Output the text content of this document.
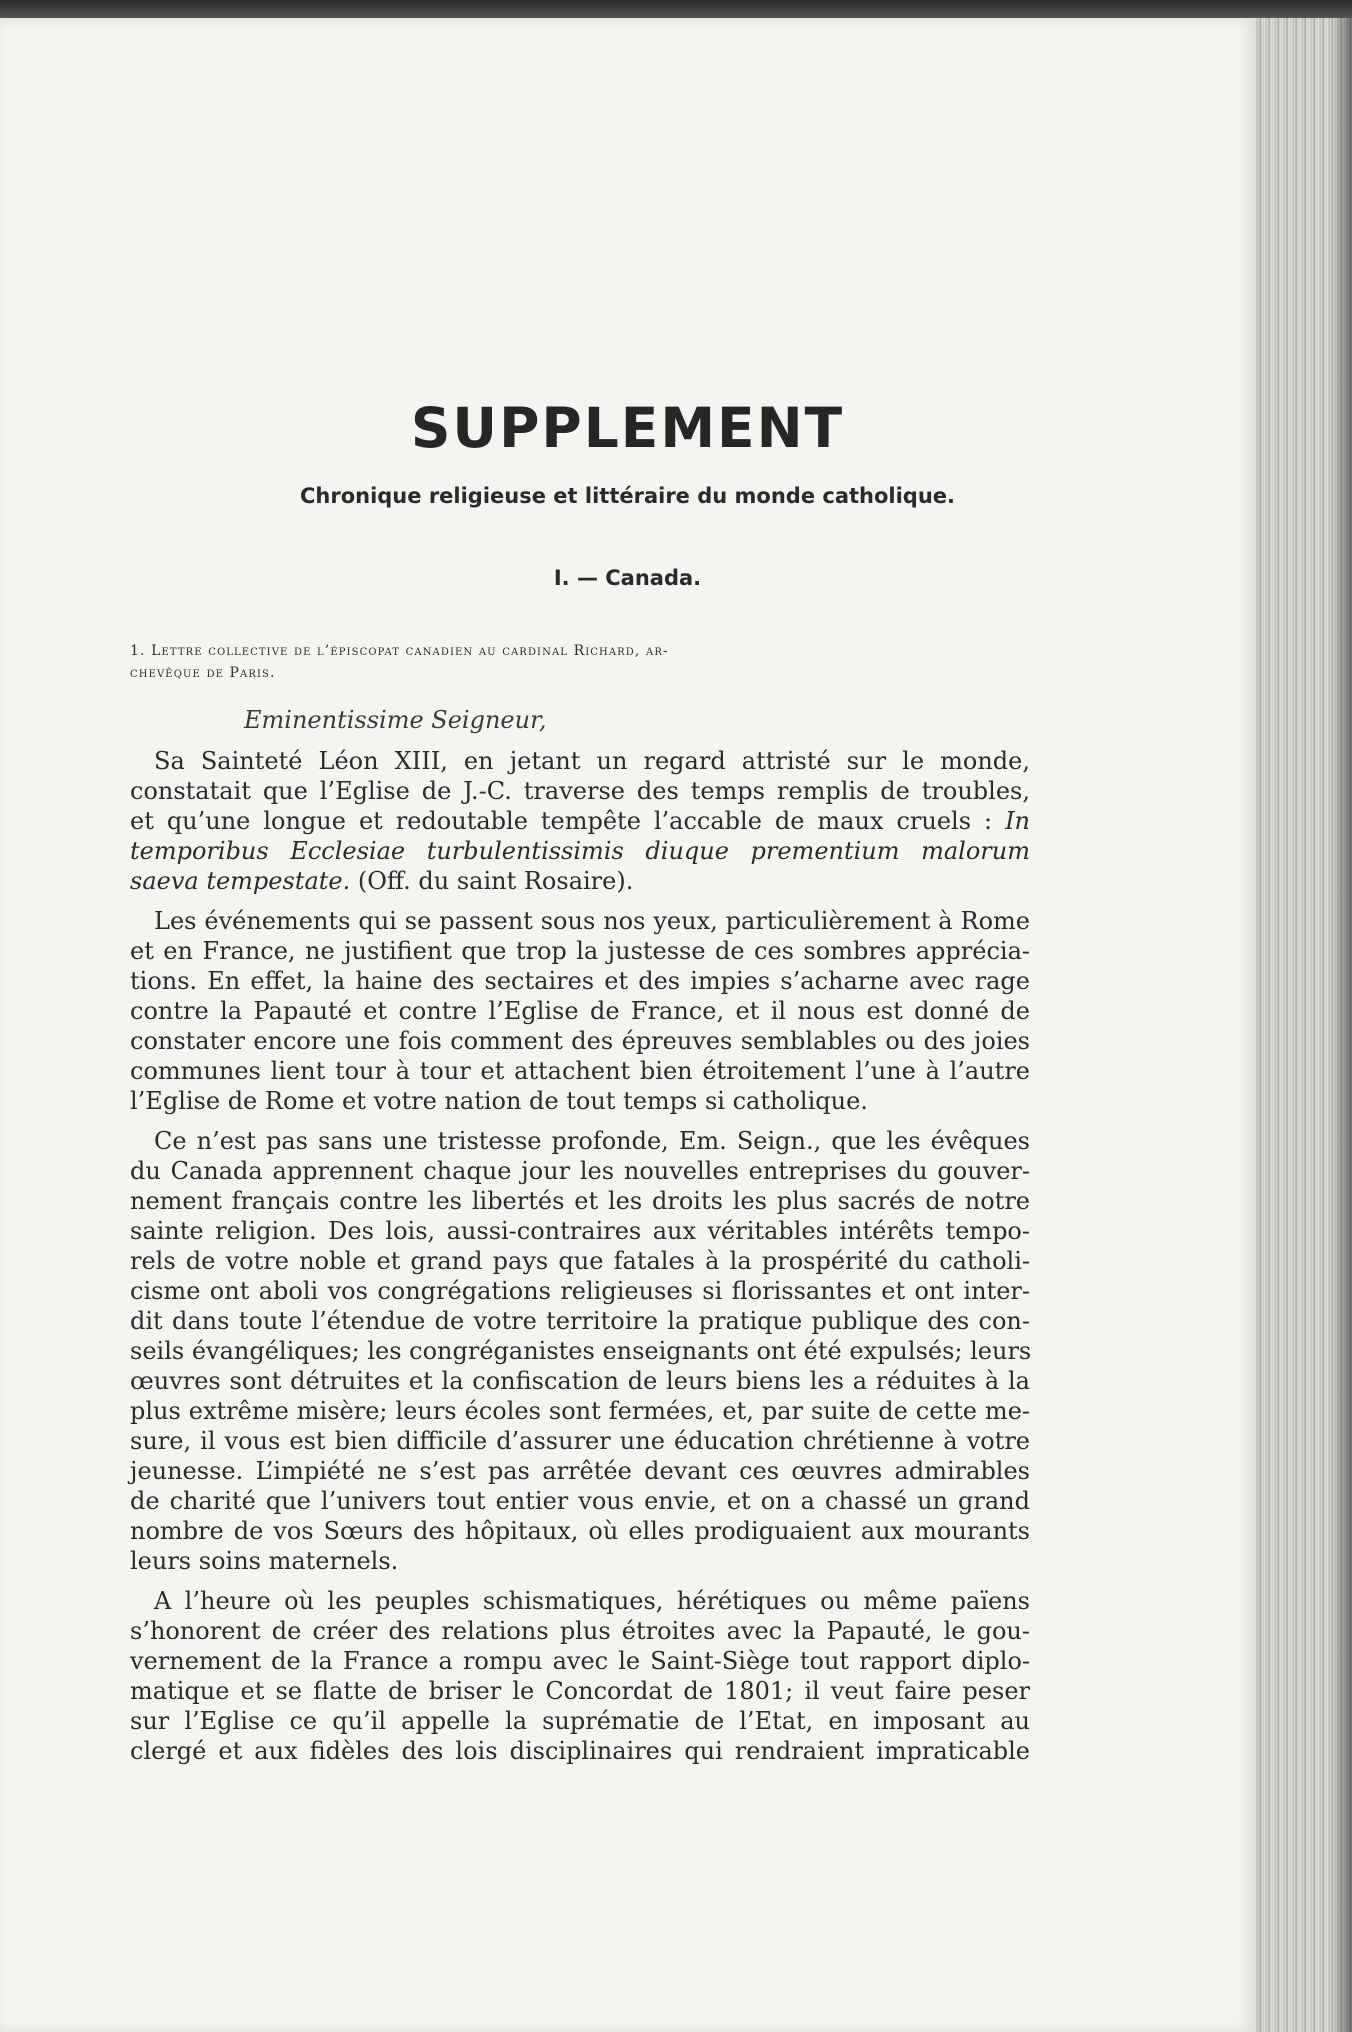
SUPPLEMENT
Chronique religieuse et littéraire du monde catholique.
I. — Canada.
1. Lettre collective de l’épiscopat canadien au cardinal Richard, ar-
chevêque de Paris.
Eminentissime Seigneur,
Sa Sainteté Léon XIII, en jetant un regard attristé sur le monde,
constatait que l’Eglise de J.-C. traverse des temps remplis de troubles,
et qu’une longue et redoutable tempête l’accable de maux cruels : In
temporibus Ecclesiae turbulentissimis diuque prementium malorum
saeva tempestate. (Off. du saint Rosaire).
Les événements qui se passent sous nos yeux, particulièrement à Rome
et en France, ne justifient que trop la justesse de ces sombres apprécia-
tions. En effet, la haine des sectaires et des impies s’acharne avec rage
contre la Papauté et contre l’Eglise de France, et il nous est donné de
constater encore une fois comment des épreuves semblables ou des joies
communes lient tour à tour et attachent bien étroitement l’une à l’autre
l’Eglise de Rome et votre nation de tout temps si catholique.
Ce n’est pas sans une tristesse profonde, Em. Seign., que les évêques
du Canada apprennent chaque jour les nouvelles entreprises du gouver-
nement français contre les libertés et les droits les plus sacrés de notre
sainte religion. Des lois, aussi-contraires aux véritables intérêts tempo-
rels de votre noble et grand pays que fatales à la prospérité du catholi-
cisme ont aboli vos congrégations religieuses si florissantes et ont inter-
dit dans toute l’étendue de votre territoire la pratique publique des con-
seils évangéliques; les congréganistes enseignants ont été expulsés; leurs
œuvres sont détruites et la confiscation de leurs biens les a réduites à la
plus extrême misère; leurs écoles sont fermées, et, par suite de cette me-
sure, il vous est bien difficile d’assurer une éducation chrétienne à votre
jeunesse. L’impiété ne s’est pas arrêtée devant ces œuvres admirables
de charité que l’univers tout entier vous envie, et on a chassé un grand
nombre de vos Sœurs des hôpitaux, où elles prodiguaient aux mourants
leurs soins maternels.
A l’heure où les peuples schismatiques, hérétiques ou même païens
s’honorent de créer des relations plus étroites avec la Papauté, le gou-
vernement de la France a rompu avec le Saint-Siège tout rapport diplo-
matique et se flatte de briser le Concordat de 1801; il veut faire peser
sur l’Eglise ce qu’il appelle la suprématie de l’Etat, en imposant au
clergé et aux fidèles des lois disciplinaires qui rendraient impraticable
